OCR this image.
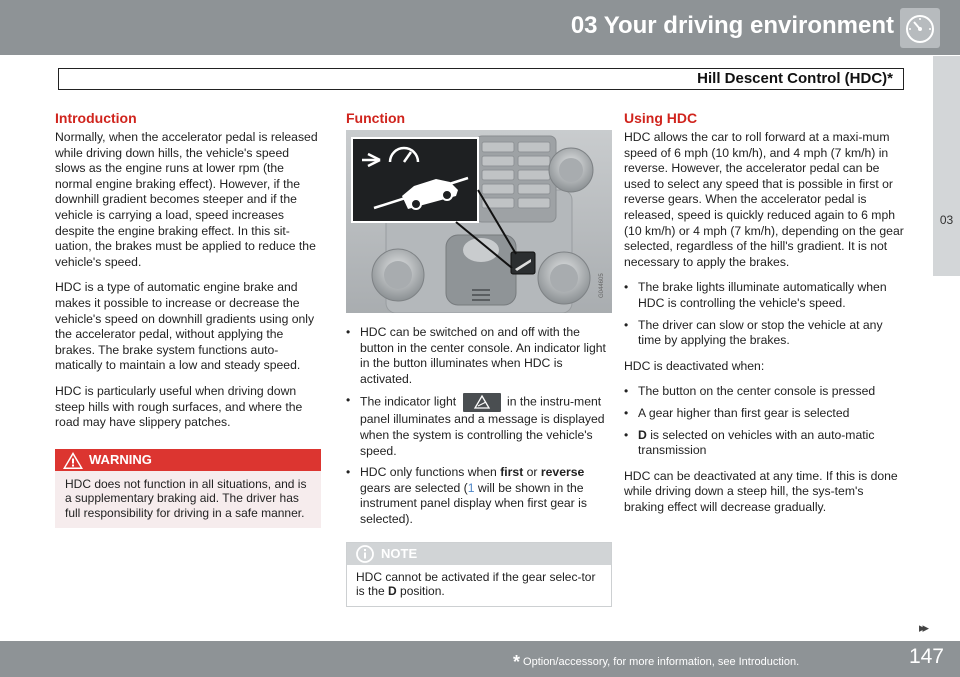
03 Your driving environment
Hill Descent Control (HDC)*
03
Introduction

Normally, when the accelerator pedal is released while driving down hills, the vehicle's speed slows as the engine runs at lower rpm (the normal engine braking effect). However, if the downhill gradient becomes steeper and if the vehicle is carrying a load, speed increases despite the engine braking effect. In this sit-uation, the brakes must be applied to reduce the vehicle's speed.

HDC is a type of automatic engine brake and makes it possible to increase or decrease the vehicle's speed on downhill gradients using only the accelerator pedal, without applying the brakes. The brake system functions auto-matically to maintain a low and steady speed.

HDC is particularly useful when driving down steep hills with rough surfaces, and where the road may have slippery patches.

WARNING
HDC does not function in all situations, and is a supplementary braking aid. The driver has full responsibility for driving in a safe manner.
Function
G044605
• HDC can be switched on and off with the button in the center console. An indicator light in the button illuminates when HDC is activated.
• The indicator light	in the instru-ment panel illuminates and a message is displayed when the system is controlling the vehicle's speed.
• HDC only functions when first or reverse gears are selected (1 will be shown in the instrument panel display when first gear is selected).
NOTE
HDC cannot be activated if the gear selec-tor is the D position.
Using HDC

HDC allows the car to roll forward at a maxi-mum speed of 6 mph (10 km/h), and 4 mph (7 km/h) in reverse. However, the accelerator pedal can be used to select any speed that is possible in first or reverse gears. When the accelerator pedal is released, speed is quickly reduced again to 6 mph (10 km/h) or 4 mph (7 km/h), depending on the gear selected, regardless of the hill's gradient. It is not necessary to apply the brakes.

• The brake lights illuminate automatically when HDC is controlling the vehicle's speed.
• The driver can slow or stop the vehicle at any time by applying the brakes.

HDC is deactivated when:

• The button on the center console is pressed
• A gear higher than first gear is selected
• D is selected on vehicles with an auto-matic transmission

HDC can be deactivated at any time. If this is done while driving down a steep hill, the sys-tem's braking effect will decrease gradually.

▸▸
* Option/accessory, for more information, see Introduction.	147
